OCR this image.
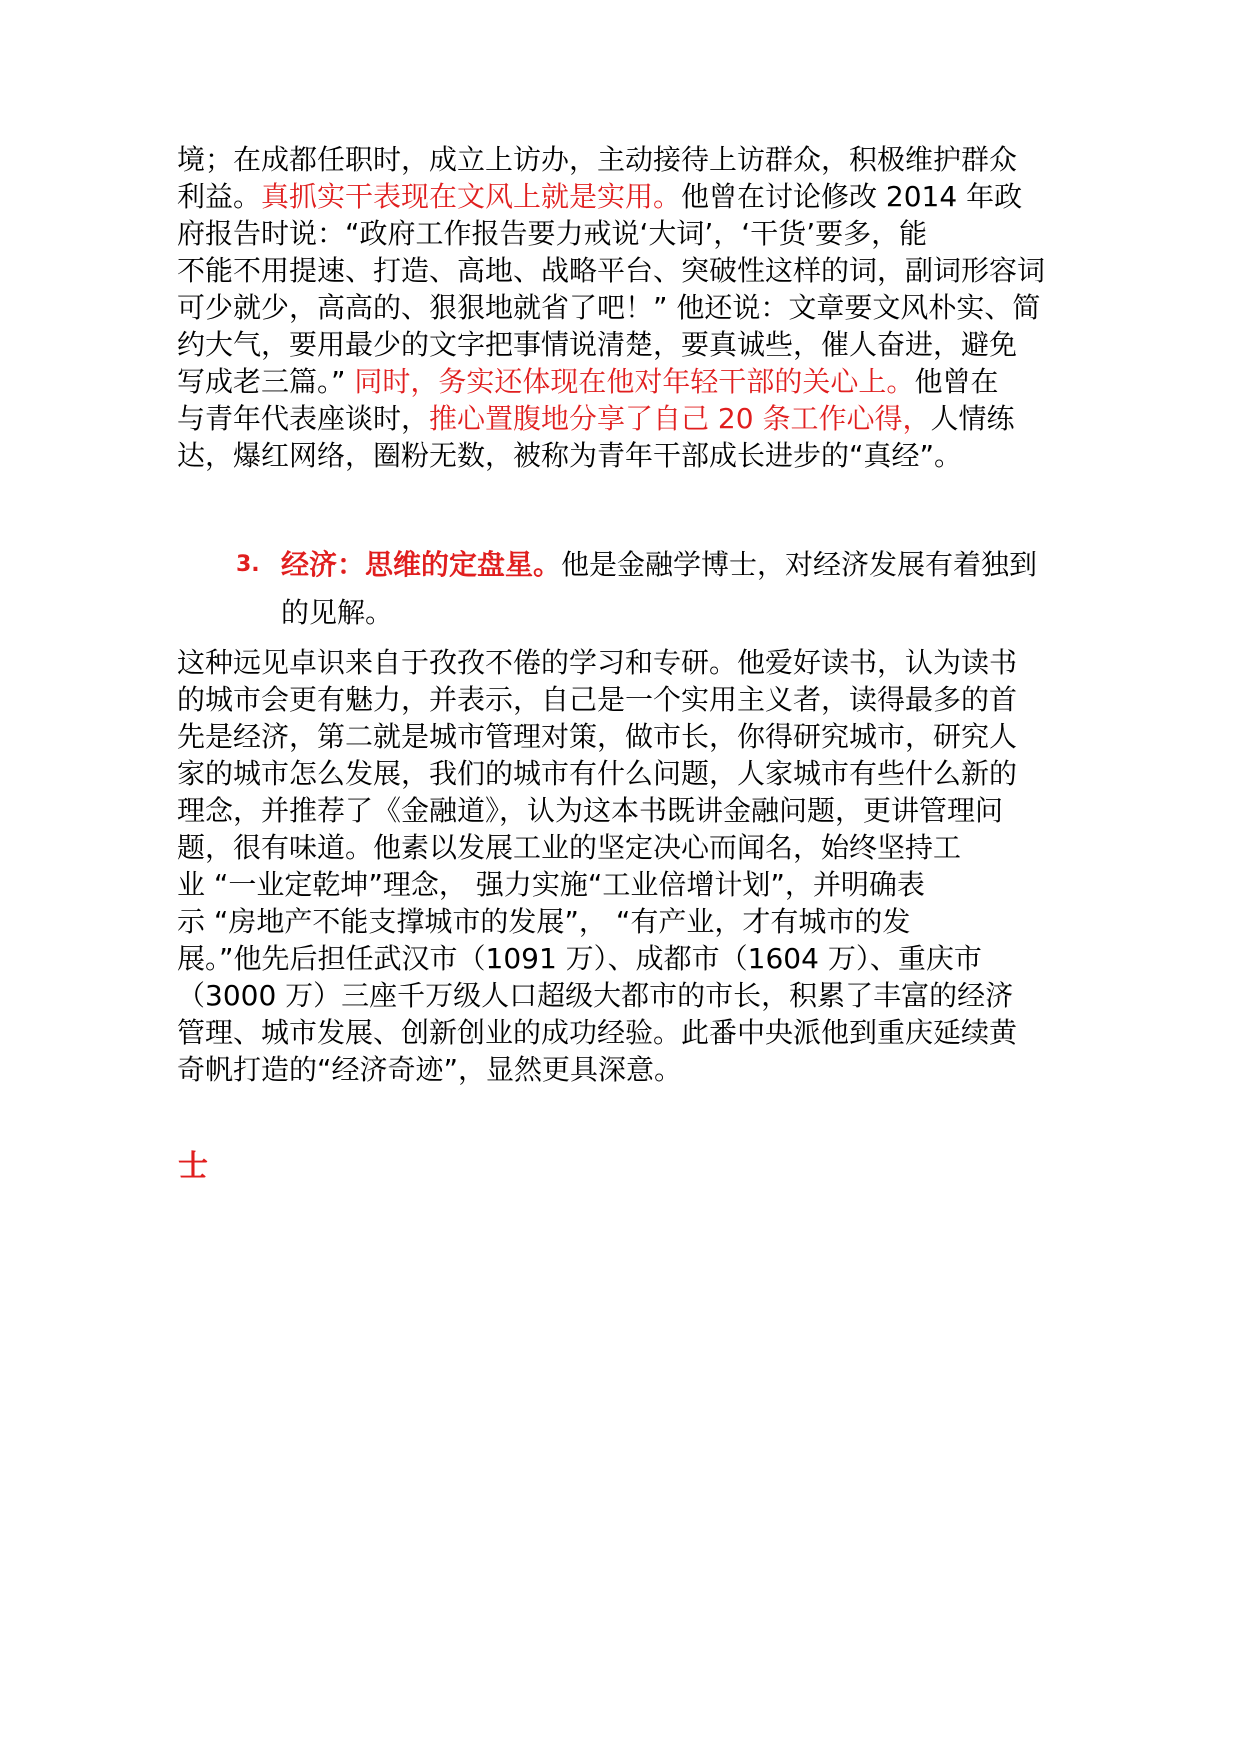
境；在成都任职时，成立上访办，主动接待上访群众，积极维护群众
利益。真抓实干表现在文风上就是实用。他曾在讨论修改 2014 年政
府报告时说：“政府工作报告要力戒说‘大词’，‘干货’要多，能
不能不用提速、打造、高地、战略平台、突破性这样的词，副词形容词
可少就少，高高的、狠狠地就省了吧！” 他还说：文章要文风朴实、简
约大气，要用最少的文字把事情说清楚，要真诚些，催人奋进，避免
写成老三篇。” 同时，务实还体现在他对年轻干部的关心上。他曾在
与青年代表座谈时，推心置腹地分享了自己 20 条工作心得，人情练
达，爆红网络，圈粉无数，被称为青年干部成长进步的“真经”。
3. 经济：思维的定盘星。他是金融学博士，对经济发展有着独到
的见解。
这种远见卓识来自于孜孜不倦的学习和专研。他爱好读书，认为读书
的城市会更有魅力，并表示，自己是一个实用主义者，读得最多的首
先是经济，第二就是城市管理对策，做市长，你得研究城市，研究人
家的城市怎么发展，我们的城市有什么问题，人家城市有些什么新的
理念，并推荐了《金融道》，认为这本书既讲金融问题，更讲管理问
题，很有味道。他素以发展工业的坚定决心而闻名，始终坚持工
业 “一业定乾坤”理念， 强力实施“工业倍增计划”，并明确表
示 “房地产不能支撑城市的发展”， “有产业，才有城市的发
展。”他先后担任武汉市（1091 万）、成都市（1604 万）、重庆市
（3000 万）三座千万级人口超级大都市的市长，积累了丰富的经济
管理、城市发展、创新创业的成功经验。此番中央派他到重庆延续黄
奇帆打造的“经济奇迹”，显然更具深意。
士
